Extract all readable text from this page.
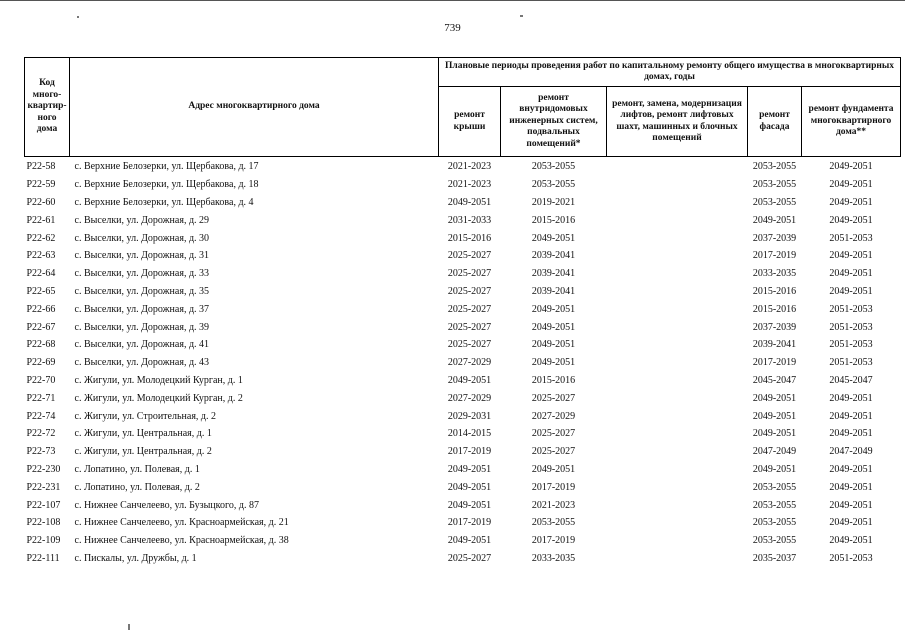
739
Код много-квартир-ного дома	Адрес многоквартирного дома	Плановые периоды проведения работ по капитальному ремонту общего имущества в многоквартирных домах, годы				
		ремонт крыши	ремонт внутридомовых инженерных систем, подвальных помещений*	ремонт, замена, модернизация лифтов, ремонт лифтовых шахт, машинных и блочных помещений	ремонт фасада	ремонт фундамента многоквартирного дома**
Р22-58	с. Верхние Белозерки, ул. Щербакова, д. 17	2021-2023	2053-2055		2053-2055	2049-2051
Р22-59	с. Верхние Белозерки, ул. Щербакова, д. 18	2021-2023	2053-2055		2053-2055	2049-2051
Р22-60	с. Верхние Белозерки, ул. Щербакова, д. 4	2049-2051	2019-2021		2053-2055	2049-2051
Р22-61	с. Выселки, ул. Дорожная, д. 29	2031-2033	2015-2016		2049-2051	2049-2051
Р22-62	с. Выселки, ул. Дорожная, д. 30	2015-2016	2049-2051		2037-2039	2051-2053
Р22-63	с. Выселки, ул. Дорожная, д. 31	2025-2027	2039-2041		2017-2019	2049-2051
Р22-64	с. Выселки, ул. Дорожная, д. 33	2025-2027	2039-2041		2033-2035	2049-2051
Р22-65	с. Выселки, ул. Дорожная, д. 35	2025-2027	2039-2041		2015-2016	2049-2051
Р22-66	с. Выселки, ул. Дорожная, д. 37	2025-2027	2049-2051		2015-2016	2051-2053
Р22-67	с. Выселки, ул. Дорожная, д. 39	2025-2027	2049-2051		2037-2039	2051-2053
Р22-68	с. Выселки, ул. Дорожная, д. 41	2025-2027	2049-2051		2039-2041	2051-2053
Р22-69	с. Выселки, ул. Дорожная, д. 43	2027-2029	2049-2051		2017-2019	2051-2053
Р22-70	с. Жигули, ул. Молодецкий Курган, д. 1	2049-2051	2015-2016		2045-2047	2045-2047
Р22-71	с. Жигули, ул. Молодецкий Курган, д. 2	2027-2029	2025-2027		2049-2051	2049-2051
Р22-74	с. Жигули, ул. Строительная, д. 2	2029-2031	2027-2029		2049-2051	2049-2051
Р22-72	с. Жигули, ул. Центральная, д. 1	2014-2015	2025-2027		2049-2051	2049-2051
Р22-73	с. Жигули, ул. Центральная, д. 2	2017-2019	2025-2027		2047-2049	2047-2049
Р22-230	с. Лопатино, ул. Полевая, д. 1	2049-2051	2049-2051		2049-2051	2049-2051
Р22-231	с. Лопатино, ул. Полевая, д. 2	2049-2051	2017-2019		2053-2055	2049-2051
Р22-107	с. Нижнее Санчелеево, ул. Бузыцкого, д. 87	2049-2051	2021-2023		2053-2055	2049-2051
Р22-108	с. Нижнее Санчелеево, ул. Красноармейская, д. 21	2017-2019	2053-2055		2053-2055	2049-2051
Р22-109	с. Нижнее Санчелеево, ул. Красноармейская, д. 38	2049-2051	2017-2019		2053-2055	2049-2051
Р22-111	с. Пискалы, ул. Дружбы, д. 1	2025-2027	2033-2035		2035-2037	2051-2053
